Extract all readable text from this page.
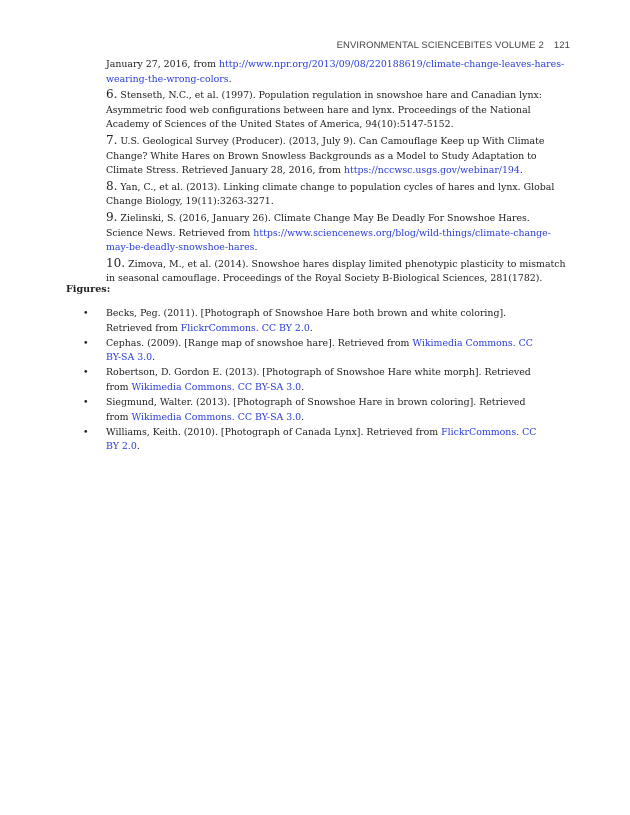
ENVIRONMENTAL SCIENCEBITES VOLUME 2 121

January 27, 2016, from http://www.npr.org/2013/09/08/220188619/climate-change-leaves-hares-wearing-the-wrong-colors.

6. Stenseth, N.C., et al. (1997). Population regulation in snowshoe hare and Canadian lynx: Asymmetric food web configurations between hare and lynx. Proceedings of the National Academy of Sciences of the United States of America, 94(10):5147-5152.

7. U.S. Geological Survey (Producer). (2013, July 9). Can Camouflage Keep up With Climate Change? White Hares on Brown Snowless Backgrounds as a Model to Study Adaptation to Climate Stress. Retrieved January 28, 2016, from https://nccwsc.usgs.gov/webinar/194.

8. Yan, C., et al. (2013). Linking climate change to population cycles of hares and lynx. Global Change Biology, 19(11):3263-3271.

9. Zielinski, S. (2016, January 26). Climate Change May Be Deadly For Snowshoe Hares. Science News. Retrieved from https://www.sciencenews.org/blog/wild-things/climate-change-may-be-deadly-snowshoe-hares.

10. Zimova, M., et al. (2014). Snowshoe hares display limited phenotypic plasticity to mismatch in seasonal camouflage. Proceedings of the Royal Society B-Biological Sciences, 281(1782).

Figures:
• Becks, Peg. (2011). [Photograph of Snowshoe Hare both brown and white coloring]. Retrieved from FlickrCommons. CC BY 2.0.
• Cephas. (2009). [Range map of snowshoe hare]. Retrieved from Wikimedia Commons. CC BY-SA 3.0.
• Robertson, D. Gordon E. (2013). [Photograph of Snowshoe Hare white morph]. Retrieved from Wikimedia Commons. CC BY-SA 3.0.
• Siegmund, Walter. (2013). [Photograph of Snowshoe Hare in brown coloring]. Retrieved from Wikimedia Commons. CC BY-SA 3.0.
• Williams, Keith. (2010). [Photograph of Canada Lynx]. Retrieved from FlickrCommons. CC BY 2.0.
